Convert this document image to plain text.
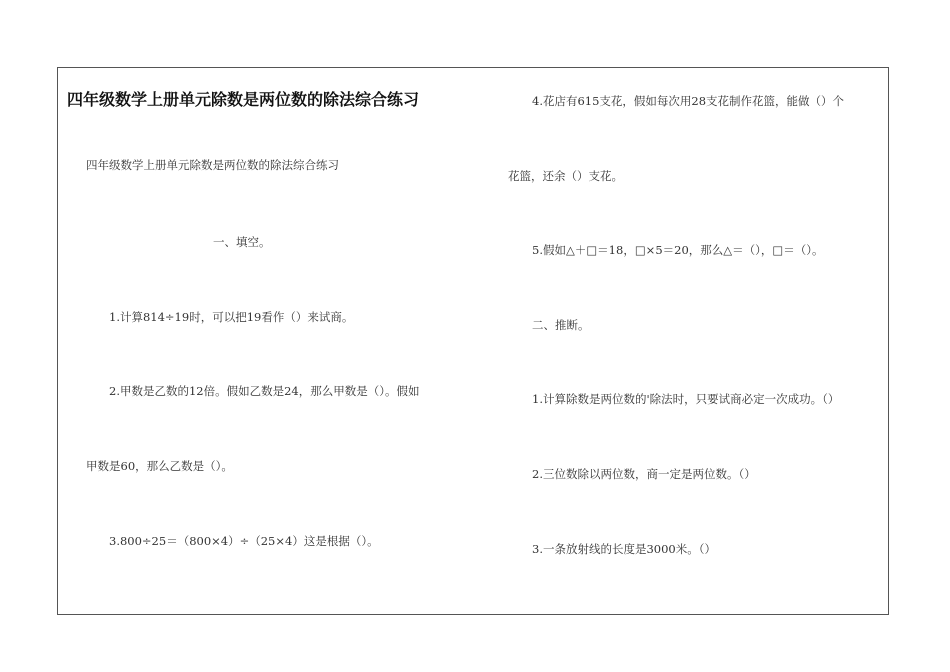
四年级数学上册单元除数是两位数的除法综合练习
四年级数学上册单元除数是两位数的除法综合练习
一、填空。
1.计算814÷19时，可以把19看作（）来试商。
2.甲数是乙数的12倍。假如乙数是24，那么甲数是（）。假如
甲数是60，那么乙数是（）。
3.800÷25＝（800×4）÷（25×4）这是根据（）。
4.花店有615支花，假如每次用28支花制作花篮，能做（）个
花篮，还余（）支花。
5.假如△＋□＝18，□×5＝20，那么△＝（），□＝（）。
二、推断。
1.计算除数是两位数的'除法时，只要试商必定一次成功。（）
2.三位数除以两位数，商一定是两位数。（）
3.一条放射线的长度是3000米。（）
